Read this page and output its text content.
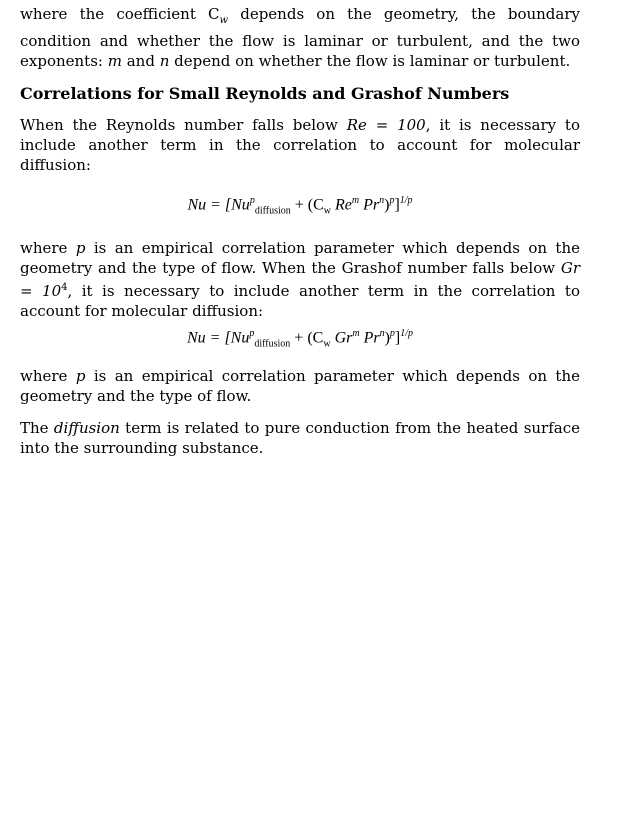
where the coefficient $C_w$ depends on the geometry, the boundary condition and whether the flow is laminar or turbulent, and the two exponents: m and n depend on whether the flow is laminar or turbulent.

Correlations for Small Reynolds and Grashof Numbers

When the Reynolds number falls below Re = 100, it is necessary to include another term in the correlation to account for molecular diffusion:

$Nu = [Nu^p_{diffusion} + (C_w$ Re$^m$ Pr$^n$)$^p$]$^{1/p}$

where p is an empirical correlation parameter which depends on the geometry and the type of flow. When the Grashof number falls below $Gr = 10^4$, it is necessary to include another term in the correlation to account for molecular diffusion:

$Nu = [Nu^p_{diffusion} + (C_w$ Gr$^m$ Pr$^n$)$^p$]$^{1/p}$

where p is an empirical correlation parameter which depends on the geometry and the type of flow.

The diffusion term is related to pure conduction from the heated surface into the surrounding substance.
